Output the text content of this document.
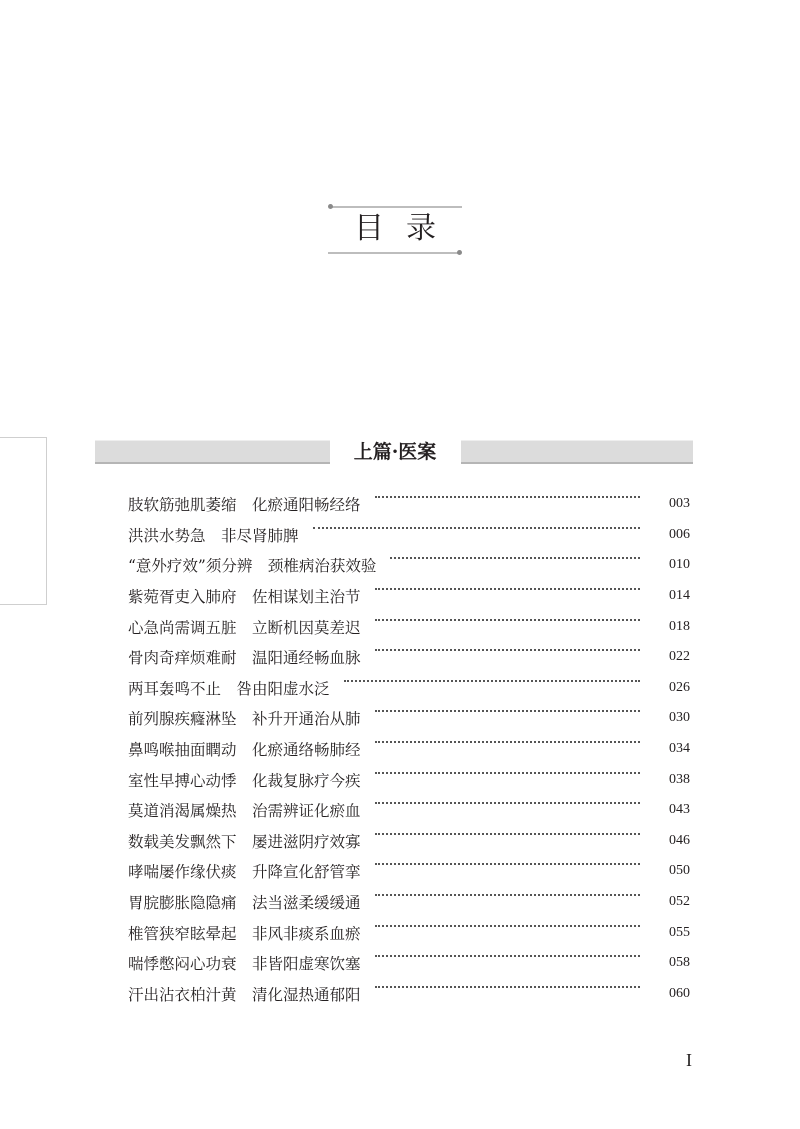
目录
上篇·医案
肢软筋弛肌萎缩　化瘀通阳畅经络	003
洪洪水势急　非尽肾肺脾	006
“意外疗效”须分辨　颈椎病治获效验	010
紫菀胥吏入肺府　佐相谋划主治节	014
心急尚需调五脏　立断机因莫差迟	018
骨肉奇痒烦难耐　温阳通经畅血脉	022
两耳轰鸣不止　咎由阳虚水泛	026
前列腺疾癃淋坠　补升开通治从肺	030
鼻鸣喉抽面瞤动　化瘀通络畅肺经	034
室性早搏心动悸　化裁复脉疗今疾	038
莫道消渴属燥热　治需辨证化瘀血	043
数载美发飘然下　屡进滋阴疗效寡	046
哮喘屡作缘伏痰　升降宣化舒管挛	050
胃脘膨胀隐隐痛　法当滋柔缓缓通	052
椎管狭窄眩晕起　非风非痰系血瘀	055
喘悸憋闷心功衰　非皆阳虚寒饮塞	058
汗出沾衣柏汁黄　清化湿热通郁阳	060
I
